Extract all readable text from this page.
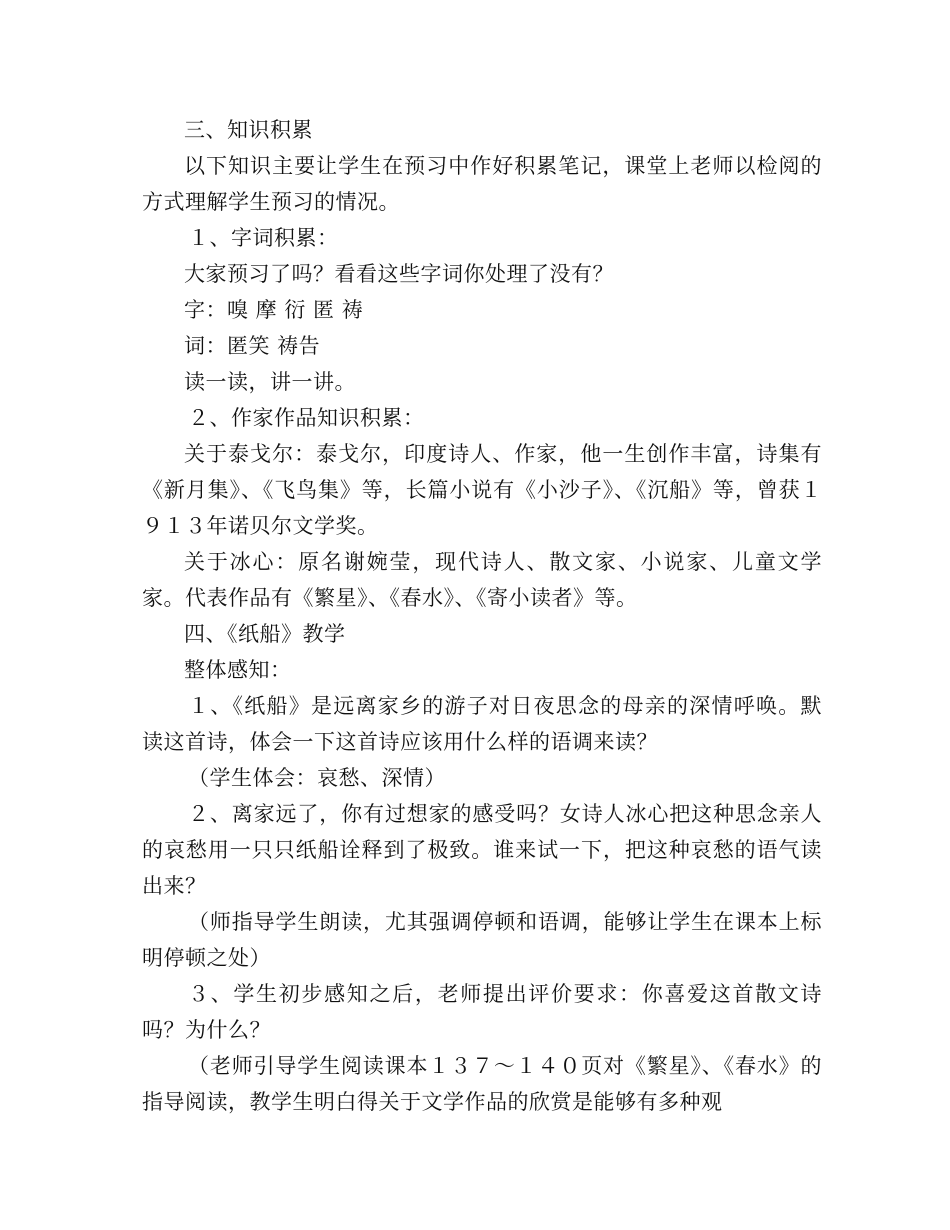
三、知识积累

以下知识主要让学生在预习中作好积累笔记，课堂上老师以检阅的方式理解学生预习的情况。

１、字词积累：

大家预习了吗？看看这些字词你处理了没有？

字：嗅 摩 衍 匿 祷

词：匿笑 祷告

读一读，讲一讲。

２、作家作品知识积累：

关于泰戈尔：泰戈尔，印度诗人、作家，他一生创作丰富，诗集有《新月集》、《飞鸟集》等，长篇小说有《小沙子》、《沉船》等，曾获１９１３年诺贝尔文学奖。

关于冰心：原名谢婉莹，现代诗人、散文家、小说家、儿童文学家。代表作品有《繁星》、《春水》、《寄小读者》等。

四、《纸船》教学

整体感知：

１、《纸船》是远离家乡的游子对日夜思念的母亲的深情呼唤。默读这首诗，体会一下这首诗应该用什么样的语调来读？

（学生体会：哀愁、深情）

２、离家远了，你有过想家的感受吗？女诗人冰心把这种思念亲人的哀愁用一只只纸船诠释到了极致。谁来试一下，把这种哀愁的语气读出来？

（师指导学生朗读，尤其强调停顿和语调，能够让学生在课本上标明停顿之处）

３、学生初步感知之后，老师提出评价要求：你喜爱这首散文诗吗？为什么？

（老师引导学生阅读课本１３７～１４０页对《繁星》、《春水》的指导阅读，教学生明白得关于文学作品的欣赏是能够有多种观
